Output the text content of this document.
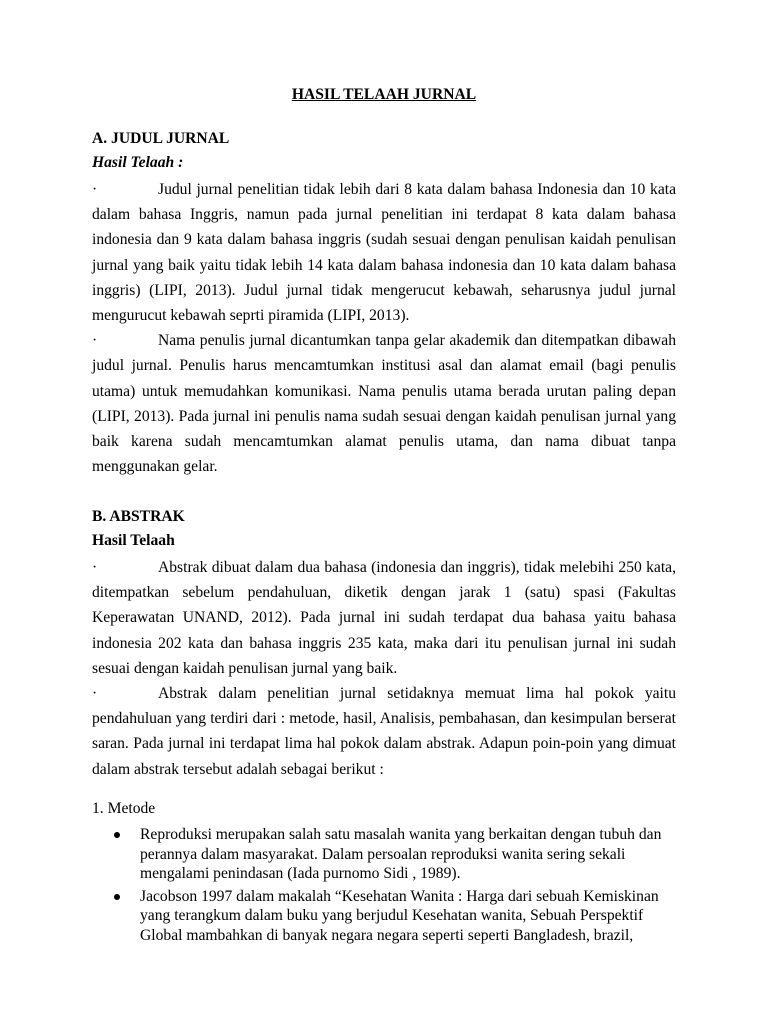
HASIL TELAAH JURNAL

A. JUDUL JURNAL

Hasil Telaah :

·	Judul jurnal penelitian tidak lebih dari 8 kata dalam bahasa Indonesia dan 10 kata dalam bahasa Inggris, namun pada jurnal penelitian ini terdapat 8 kata dalam bahasa indonesia dan 9 kata dalam bahasa inggris (sudah sesuai dengan penulisan kaidah penulisan jurnal yang baik yaitu tidak lebih 14 kata dalam bahasa indonesia dan 10 kata dalam bahasa inggris) (LIPI, 2013). Judul jurnal tidak mengerucut kebawah, seharusnya judul jurnal mengurucut kebawah seprti piramida (LIPI, 2013).

·	Nama penulis jurnal dicantumkan tanpa gelar akademik dan ditempatkan dibawah judul jurnal. Penulis harus mencamtumkan institusi asal dan alamat email (bagi penulis utama) untuk memudahkan komunikasi. Nama penulis utama berada urutan paling depan (LIPI, 2013). Pada jurnal ini penulis nama sudah sesuai dengan kaidah penulisan jurnal yang baik karena sudah mencamtumkan alamat penulis utama, dan nama dibuat tanpa menggunakan gelar.

B. ABSTRAK

Hasil Telaah

·	Abstrak dibuat dalam dua bahasa (indonesia dan inggris), tidak melebihi 250 kata, ditempatkan sebelum pendahuluan, diketik dengan jarak 1 (satu) spasi (Fakultas Keperawatan UNAND, 2012). Pada jurnal ini sudah terdapat dua bahasa yaitu bahasa indonesia 202 kata dan bahasa inggris 235 kata, maka dari itu penulisan jurnal ini sudah sesuai dengan kaidah penulisan jurnal yang baik.

·	Abstrak dalam penelitian jurnal setidaknya memuat lima hal pokok yaitu pendahuluan yang terdiri dari : metode, hasil, Analisis, pembahasan, dan kesimpulan berserat saran. Pada jurnal ini terdapat lima hal pokok dalam abstrak. Adapun poin-poin yang dimuat dalam abstrak tersebut adalah sebagai berikut :

1. Metode

Reproduksi merupakan salah satu masalah wanita yang berkaitan dengan tubuh dan perannya dalam masyarakat. Dalam persoalan reproduksi wanita sering sekali mengalami penindasan (Iada purnomo Sidi , 1989).
Jacobson 1997 dalam makalah “Kesehatan Wanita : Harga dari sebuah Kemiskinan yang terangkum dalam buku yang berjudul Kesehatan wanita, Sebuah Perspektif Global mambahkan di banyak negara negara seperti seperti Bangladesh, brazil,
